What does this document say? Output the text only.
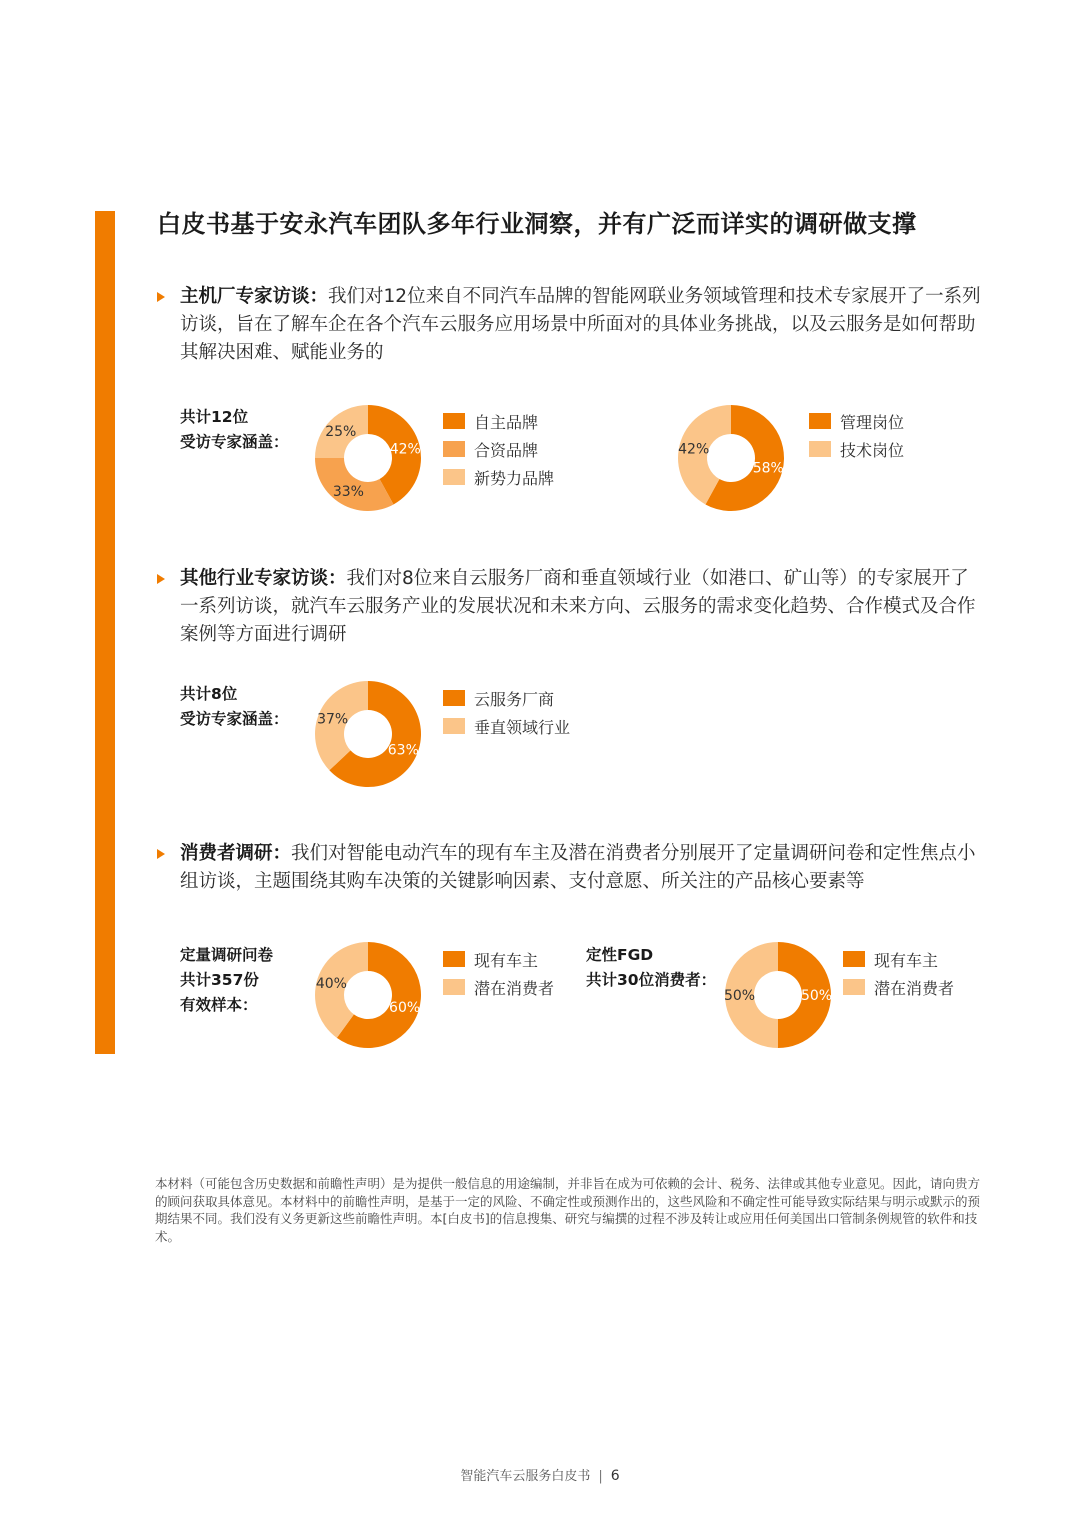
白皮书基于安永汽车团队多年行业洞察，并有广泛而详实的调研做支撑

主机厂专家访谈：我们对12位来自不同汽车品牌的智能网联业务领域管理和技术专家展开了一系列访谈，旨在了解车企在各个汽车云服务应用场景中所面对的具体业务挑战，以及云服务是如何帮助其解决困难、赋能业务的

共计12位
受访专家涵盖：	42%
33%
25%
自主品牌
合资品牌
新势力品牌	58%
42%
管理岗位
技术岗位

其他行业专家访谈：我们对8位来自云服务厂商和垂直领域行业（如港口、矿山等）的专家展开了一系列访谈，就汽车云服务产业的发展状况和未来方向、云服务的需求变化趋势、合作模式及合作案例等方面进行调研

共计8位
受访专家涵盖：
63%
37%
云服务厂商
垂直领域行业

消费者调研：我们对智能电动汽车的现有车主及潜在消费者分别展开了定量调研问卷和定性焦点小组访谈，主题围绕其购车决策的关键影响因素、支付意愿、所关注的产品核心要素等

定量调研问卷
共计357份
有效样本：	60%
40%
现有车主
潜在消费者
定性FGD
共计30位消费者：
50%
50%
现有车主
潜在消费者

本材料（可能包含历史数据和前瞻性声明）是为提供一般信息的用途编制，并非旨在成为可依赖的会计、税务、法律或其他专业意见。因此，请向贵方的顾问获取具体意见。本材料中的前瞻性声明，是基于一定的风险、不确定性或预测作出的，这些风险和不确定性可能导致实际结果与明示或默示的预期结果不同。我们没有义务更新这些前瞻性声明。本[白皮书]的信息搜集、研究与编撰的过程不涉及转让或应用任何美国出口管制条例规管的软件和技术。

智能汽车云服务白皮书 | 6
